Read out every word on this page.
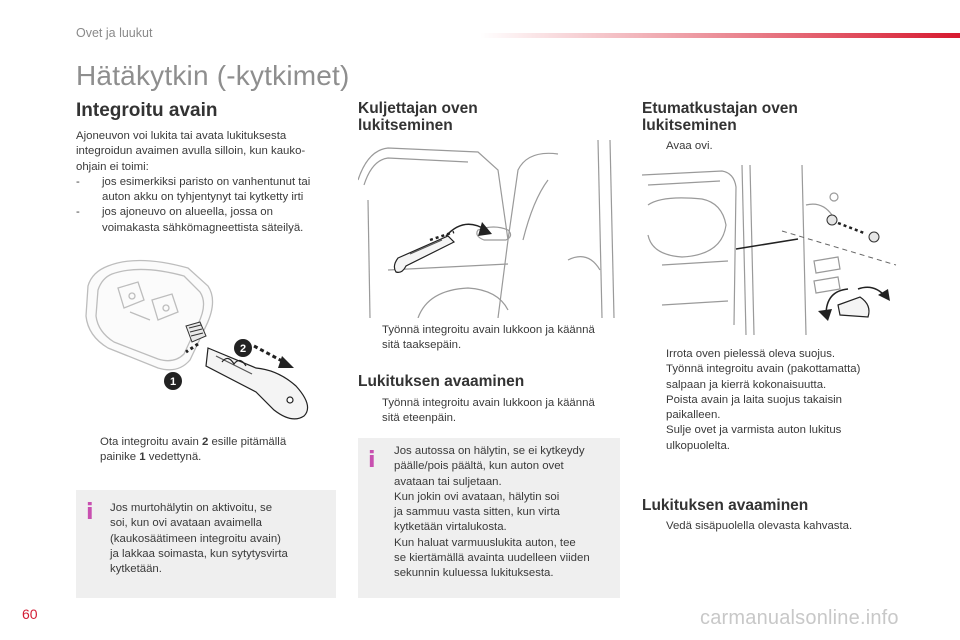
Ovet ja luukut
Hätäkytkin (-kytkimet)
Integroitu avain
Ajoneuvon voi lukita tai avata lukituksesta
integroidun avaimen avulla silloin, kun kauko-
ohjain ei toimi:
-	jos esimerkiksi paristo on vanhentunut tai
auton akku on tyhjentynyt tai kytketty irti
-	jos ajoneuvo on alueella, jossa on
voimakasta sähkömagneettista säteilyä.
1
2
Ota integroitu avain 2 esille pitämällä
painike 1 vedettynä.
i Jos murtohälytin on aktivoitu, se
soi, kun ovi avataan avaimella
(kaukosäätimeen integroitu avain)
ja lakkaa soimasta, kun sytytysvirta
kytketään.
Kuljettajan oven
lukitseminen
Työnnä integroitu avain lukkoon ja käännä
sitä taaksepäin.
Lukituksen avaaminen
Työnnä integroitu avain lukkoon ja käännä
sitä eteenpäin.
i Jos autossa on hälytin, se ei kytkeydy
päälle/pois päältä, kun auton ovet
avataan tai suljetaan.
Kun jokin ovi avataan, hälytin soi
ja sammuu vasta sitten, kun virta
kytketään virtalukosta.
Kun haluat varmuuslukita auton, tee
se kiertämällä avainta uudelleen viiden
sekunnin kuluessa lukituksesta.
Etumatkustajan oven
lukitseminen
Avaa ovi.
Irrota oven pielessä oleva suojus.
Työnnä integroitu avain (pakottamatta)
salpaan ja kierrä kokonaisuutta.
Poista avain ja laita suojus takaisin
paikalleen.
Sulje ovet ja varmista auton lukitus
ulkopuolelta.
Lukituksen avaaminen
Vedä sisäpuolella olevasta kahvasta.
60	carmanualsonline.info
